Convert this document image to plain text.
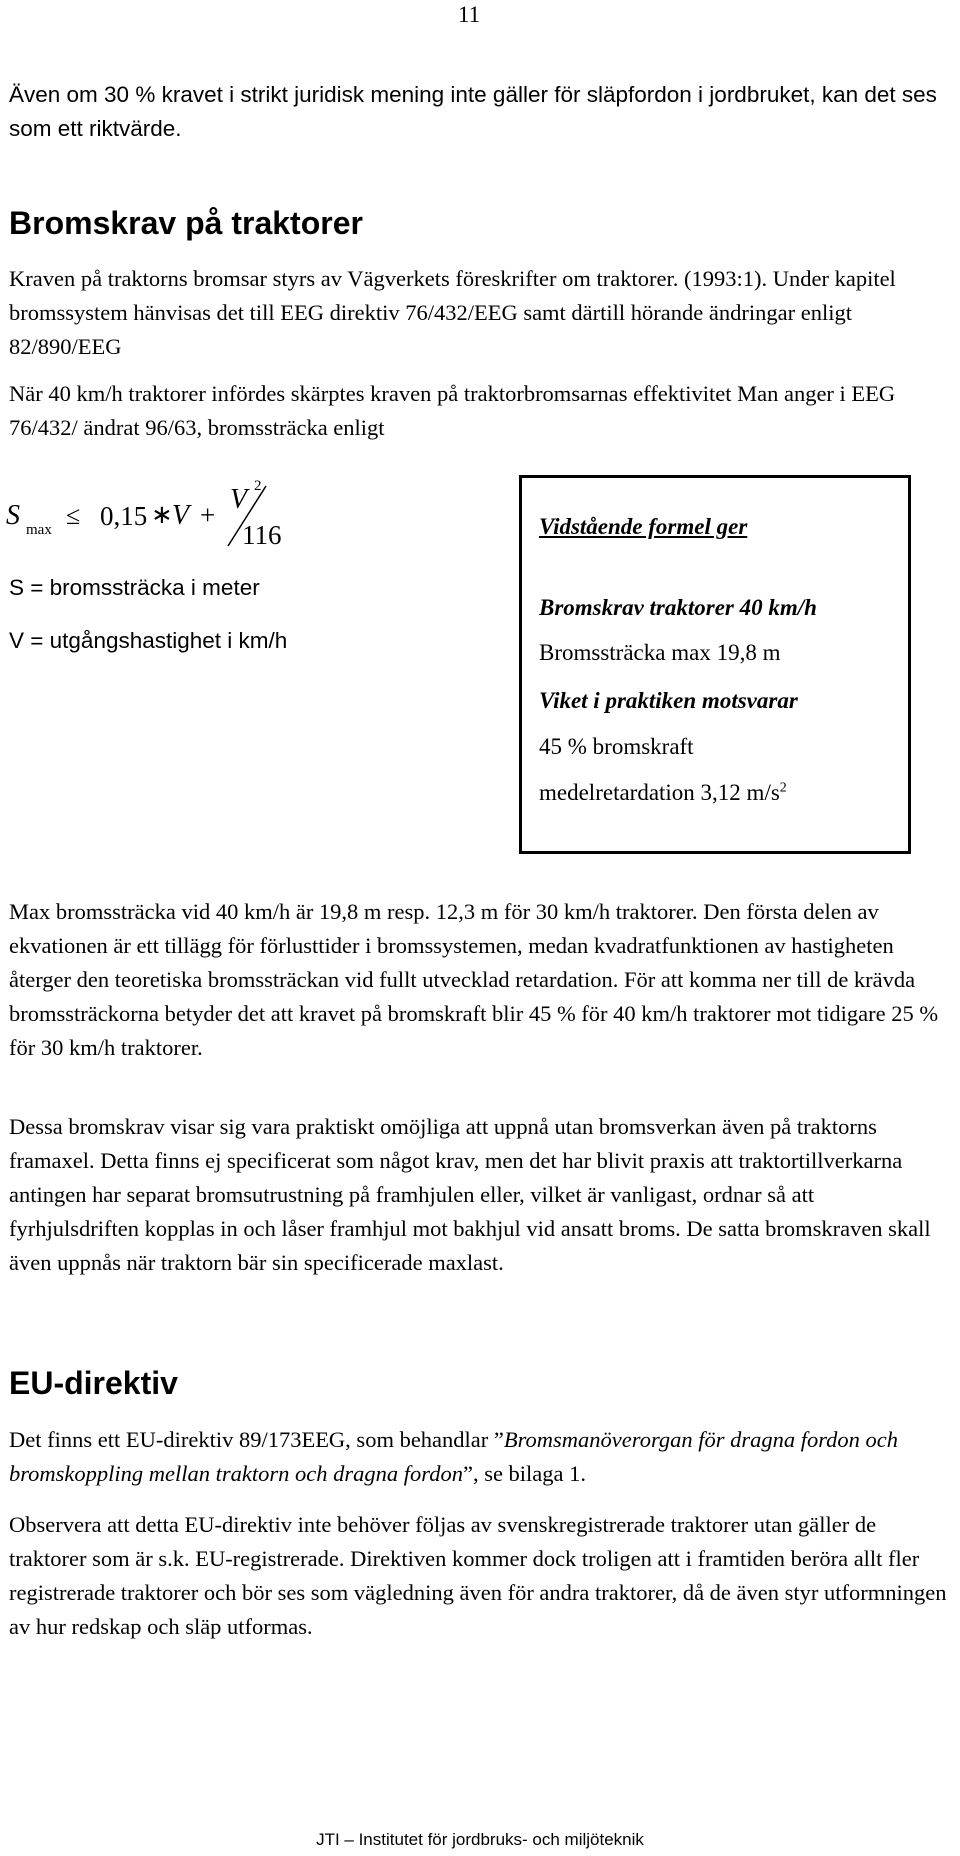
11

Även om 30 % kravet i strikt juridisk mening inte gäller för släpfordon i jordbruket, kan det ses som ett riktvärde.

Bromskrav på traktorer

Kraven på traktorns bromsar styrs av Vägverkets föreskrifter om traktorer. (1993:1). Under kapitel bromssystem hänvisas det till EEG direktiv 76/432/EEG samt därtill hörande ändringar enligt 82/890/EEG

När 40 km/h traktorer infördes skärptes kraven på traktorbromsarnas effektivitet Man anger i EEG 76/432/ ändrat 96/63, bromssträcka enligt

S max ≤ 0,15 ∗ V + V 2
116
S = bromssträcka i meter
V = utgångshastighet i km/h
Vidstående formel ger
Bromskrav traktorer 40 km/h
Bromssträcka max 19,8 m
Viket i praktiken motsvarar
45 % bromskraft
medelretardation 3,12 $m/s^2$

Max bromssträcka vid 40 km/h är 19,8 m resp. 12,3 m för 30 km/h traktorer. Den första delen av ekvationen är ett tillägg för förlusttider i bromssystemen, medan kvadratfunktionen av hastigheten återger den teoretiska bromssträckan vid fullt utvecklad retardation. För att komma ner till de krävda bromssträckorna betyder det att kravet på bromskraft blir 45 % för 40 km/h traktorer mot tidigare 25 % för 30 km/h traktorer.

Dessa bromskrav visar sig vara praktiskt omöjliga att uppnå utan bromsverkan även på traktorns framaxel. Detta finns ej specificerat som något krav, men det har blivit praxis att traktortillverkarna antingen har separat bromsutrustning på framhjulen eller, vilket är vanligast, ordnar så att fyrhjulsdriften kopplas in och låser framhjul mot bakhjul vid ansatt broms. De satta bromskraven skall även uppnås när traktorn bär sin specificerade maxlast.

EU-direktiv

Det finns ett EU-direktiv 89/173EEG, som behandlar ”Bromsmanöverorgan för dragna fordon och bromskoppling mellan traktorn och dragna fordon”, se bilaga 1.

Observera att detta EU-direktiv inte behöver följas av svenskregistrerade traktorer utan gäller de traktorer som är s.k. EU-registrerade. Direktiven kommer dock troligen att i framtiden beröra allt fler registrerade traktorer och bör ses som vägledning även för andra traktorer, då de även styr utformningen av hur redskap och släp utformas.

JTI – Institutet för jordbruks- och miljöteknik
